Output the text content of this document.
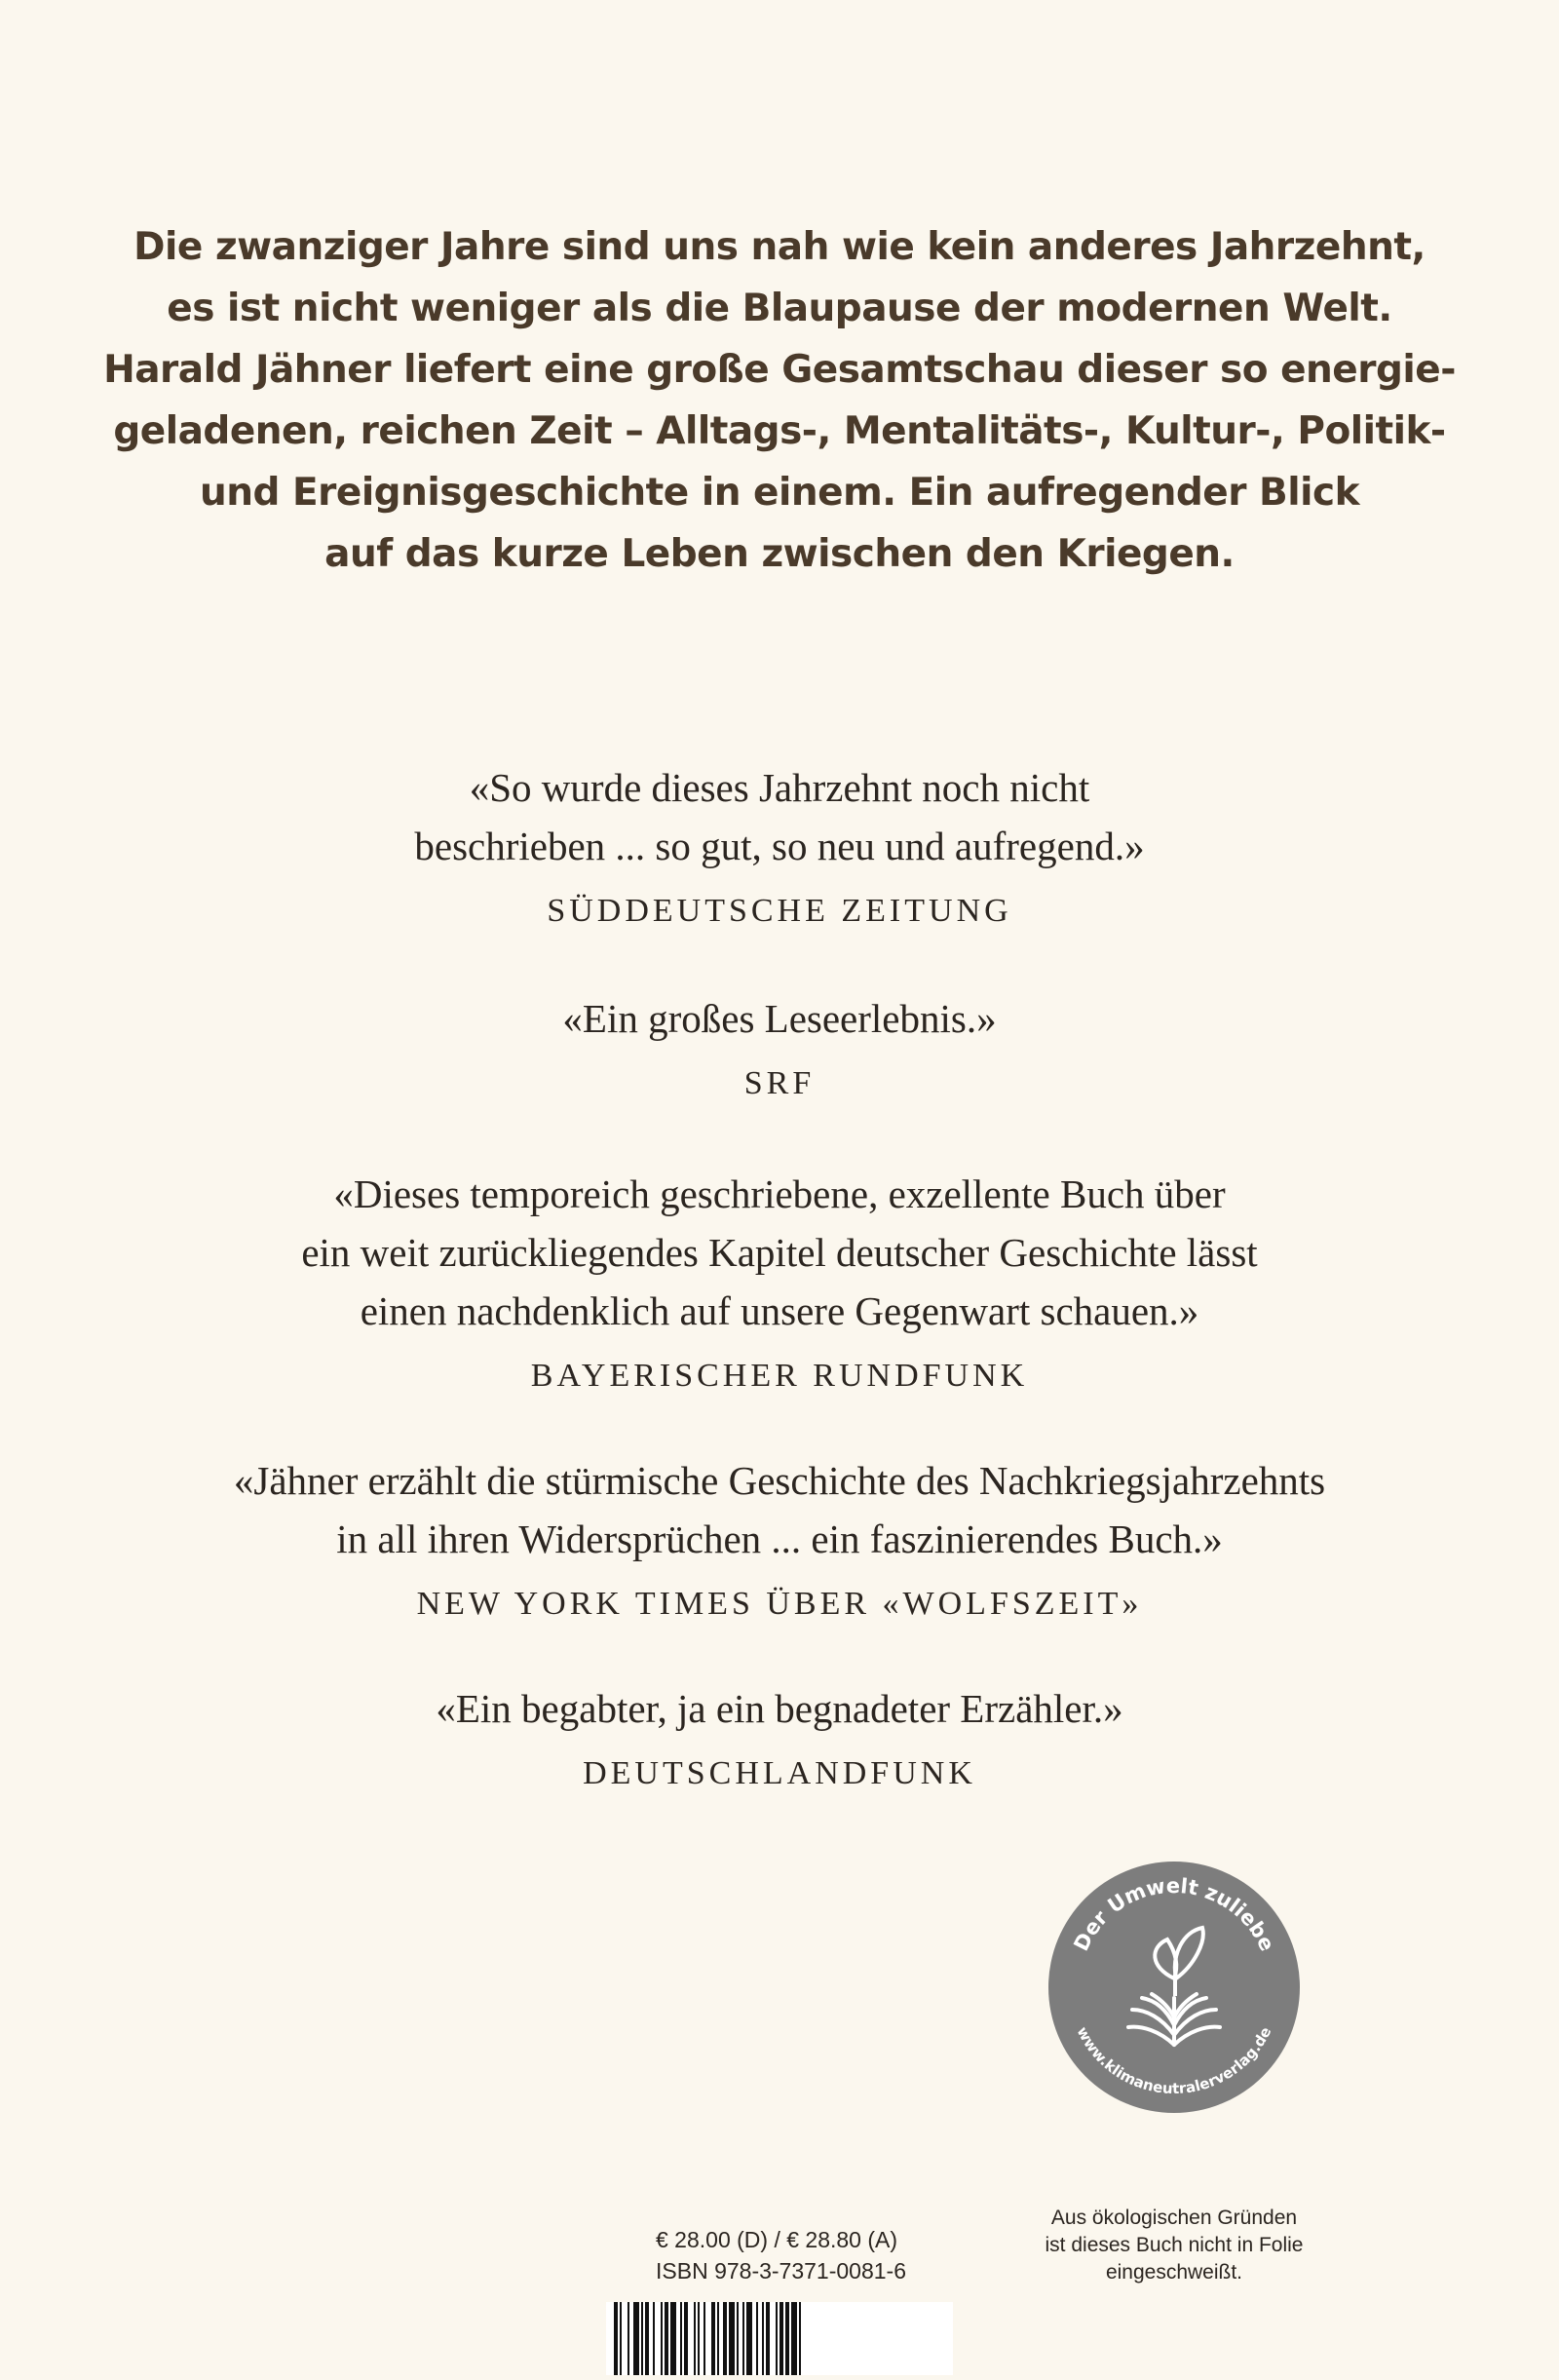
Die zwanziger Jahre sind uns nah wie kein anderes Jahrzehnt,
es ist nicht weniger als die Blaupause der modernen Welt.
Harald Jähner liefert eine große Gesamtschau dieser so energie-
geladenen, reichen Zeit – Alltags-, Mentalitäts-, Kultur-, Politik-
und Ereignisgeschichte in einem. Ein aufregender Blick
auf das kurze Leben zwischen den Kriegen.
«So wurde dieses Jahrzehnt noch nicht
beschrieben ... so gut, so neu und aufregend.»
SÜDDEUTSCHE ZEITUNG
«Ein großes Leseerlebnis.»
SRF
«Dieses temporeich geschriebene, exzellente Buch über
ein weit zurückliegendes Kapitel deutscher Geschichte lässt
einen nachdenklich auf unsere Gegenwart schauen.»
BAYERISCHER RUNDFUNK
«Jähner erzählt die stürmische Geschichte des Nachkriegsjahrzehnts
in all ihren Widersprüchen ... ein faszinierendes Buch.»
NEW YORK TIMES ÜBER «WOLFSZEIT»
«Ein begabter, ja ein begnadeter Erzähler.»
DEUTSCHLANDFUNK
Der Umwelt zuliebe
www.klimaneutralerverlag.de
Aus ökologischen Gründen
ist dieses Buch nicht in Folie
eingeschweißt.
€ 28.00 (D) / € 28.80 (A)
ISBN 978-3-7371-0081-6
